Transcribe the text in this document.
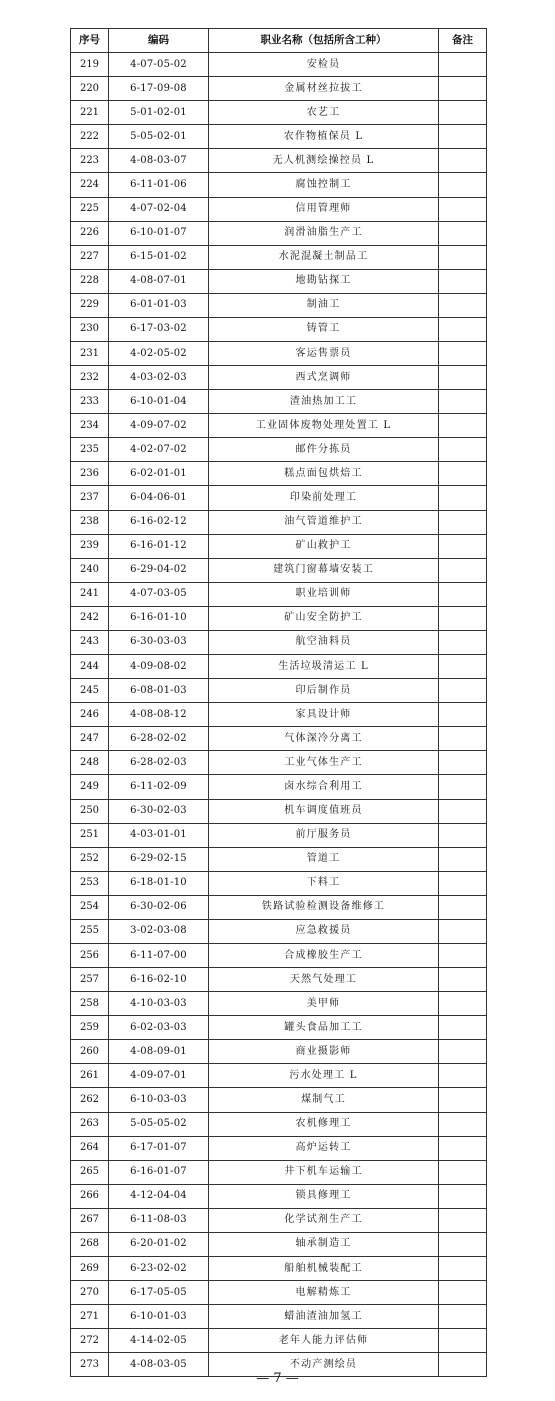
序号	编码	职业名称（包括所含工种）	备注
219	4-07-05-02	安检员	
220	6-17-09-08	金属材丝拉拔工	
221	5-01-02-01	农艺工	
222	5-05-02-01	农作物植保员 L	
223	4-08-03-07	无人机测绘操控员 L	
224	6-11-01-06	腐蚀控制工	
225	4-07-02-04	信用管理师	
226	6-10-01-07	润滑油脂生产工	
227	6-15-01-02	水泥混凝土制品工	
228	4-08-07-01	地勘钻探工	
229	6-01-01-03	制油工	
230	6-17-03-02	铸管工	
231	4-02-05-02	客运售票员	
232	4-03-02-03	西式烹调师	
233	6-10-01-04	渣油热加工工	
234	4-09-07-02	工业固体废物处理处置工 L	
235	4-02-07-02	邮件分拣员	
236	6-02-01-01	糕点面包烘焙工	
237	6-04-06-01	印染前处理工	
238	6-16-02-12	油气管道维护工	
239	6-16-01-12	矿山救护工	
240	6-29-04-02	建筑门窗幕墙安装工	
241	4-07-03-05	职业培训师	
242	6-16-01-10	矿山安全防护工	
243	6-30-03-03	航空油料员	
244	4-09-08-02	生活垃圾清运工 L	
245	6-08-01-03	印后制作员	
246	4-08-08-12	家具设计师	
247	6-28-02-02	气体深冷分离工	
248	6-28-02-03	工业气体生产工	
249	6-11-02-09	卤水综合利用工	
250	6-30-02-03	机车调度值班员	
251	4-03-01-01	前厅服务员	
252	6-29-02-15	管道工	
253	6-18-01-10	下料工	
254	6-30-02-06	铁路试验检测设备维修工	
255	3-02-03-08	应急救援员	
256	6-11-07-00	合成橡胶生产工	
257	6-16-02-10	天然气处理工	
258	4-10-03-03	美甲师	
259	6-02-03-03	罐头食品加工工	
260	4-08-09-01	商业摄影师	
261	4-09-07-01	污水处理工 L	
262	6-10-03-03	煤制气工	
263	5-05-05-02	农机修理工	
264	6-17-01-07	高炉运转工	
265	6-16-01-07	井下机车运输工	
266	4-12-04-04	锁具修理工	
267	6-11-08-03	化学试剂生产工	
268	6-20-01-02	轴承制造工	
269	6-23-02-02	船舶机械装配工	
270	6-17-05-05	电解精炼工	
271	6-10-01-03	蜡油渣油加氢工	
272	4-14-02-05	老年人能力评估师	
273	4-08-03-05	不动产测绘员	
— 7 —
